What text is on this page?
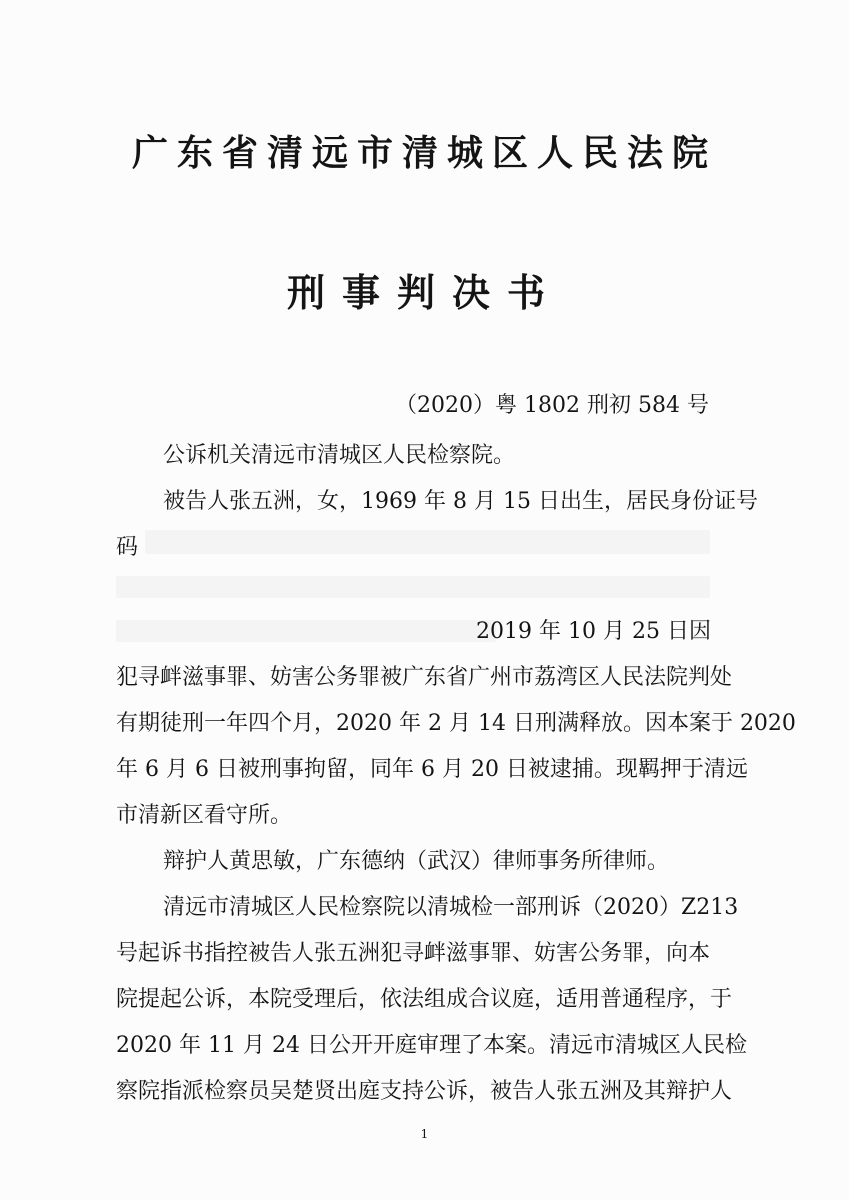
广东省清远市清城区人民法院
刑事判决书

（2020）粤 1802 刑初 584 号

公诉机关清远市清城区人民检察院。

被告人张五洲，女，1969 年 8 月 15 日出生，居民身份证号

码

2019 年 10 月 25 日因

犯寻衅滋事罪、妨害公务罪被广东省广州市荔湾区人民法院判处

有期徒刑一年四个月，2020 年 2 月 14 日刑满释放。因本案于 2020

年 6 月 6 日被刑事拘留，同年 6 月 20 日被逮捕。现羁押于清远

市清新区看守所。

辩护人黄思敏，广东德纳（武汉）律师事务所律师。

清远市清城区人民检察院以清城检一部刑诉（2020）Z213

号起诉书指控被告人张五洲犯寻衅滋事罪、妨害公务罪，向本

院提起公诉，本院受理后，依法组成合议庭，适用普通程序，于

2020 年 11 月 24 日公开开庭审理了本案。清远市清城区人民检

察院指派检察员吴楚贤出庭支持公诉，被告人张五洲及其辩护人

1
